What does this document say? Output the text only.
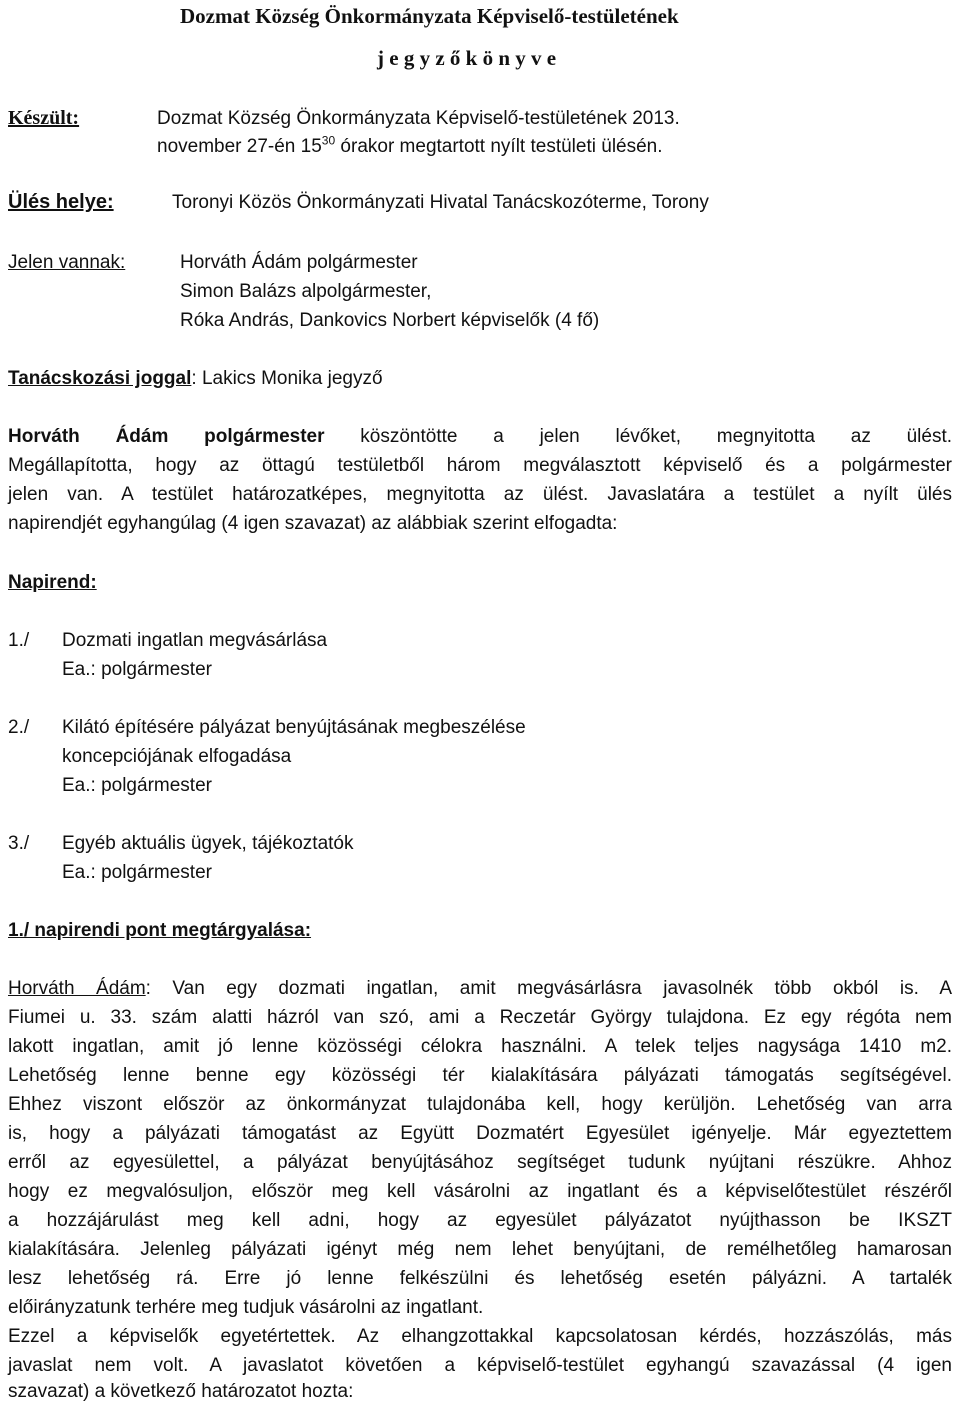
Dozmat Község Önkormányzata Képviselő-testületének
j e g y z ő k ö n y v e
Készült:	Dozmat Község Önkormányzata Képviselő-testületének 2013.
november 27-én $15^{30}$ órakor megtartott nyílt testületi ülésén.
Ülés helye:	Toronyi Közös Önkormányzati Hivatal Tanácskozóterme, Torony
Jelen vannak:	Horváth Ádám polgármester
Simon Balázs alpolgármester,
Róka András, Dankovics Norbert képviselők (4 fő)
Tanácskozási joggal: Lakics Monika jegyző
Horváth Ádám polgármester köszöntötte a jelen lévőket, megnyitotta az ülést.
Megállapította, hogy az öttagú testületből három megválasztott képviselő és a polgármester
jelen van. A testület határozatképes, megnyitotta az ülést. Javaslatára a testület a nyílt ülés
napirendjét egyhangúlag (4 igen szavazat) az alábbiak szerint elfogadta:
Napirend:
1./ Dozmati ingatlan megvásárlása
Ea.: polgármester
2./ Kilátó építésére pályázat benyújtásának megbeszélése
koncepciójának elfogadása
Ea.: polgármester
3./ Egyéb aktuális ügyek, tájékoztatók
Ea.: polgármester
1./ napirendi pont megtárgyalása:
Horváth Ádám: Van egy dozmati ingatlan, amit megvásárlásra javasolnék több okból is. A
Fiumei u. 33. szám alatti házról van szó, ami a Reczetár György tulajdona. Ez egy régóta nem
lakott ingatlan, amit jó lenne közösségi célokra használni. A telek teljes nagysága 1410 m2.
Lehetőség lenne benne egy közösségi tér kialakítására pályázati támogatás segítségével.
Ehhez viszont először az önkormányzat tulajdonába kell, hogy kerüljön. Lehetőség van arra
is, hogy a pályázati támogatást az Együtt Dozmatért Egyesület igényelje. Már egyeztettem
erről az egyesülettel, a pályázat benyújtásához segítséget tudunk nyújtani részükre. Ahhoz
hogy ez megvalósuljon, először meg kell vásárolni az ingatlant és a képviselőtestület részéről
a hozzájárulást meg kell adni, hogy az egyesület pályázatot nyújthasson be IKSZT
kialakítására. Jelenleg pályázati igényt még nem lehet benyújtani, de remélhetőleg hamarosan
lesz lehetőség rá. Erre jó lenne felkészülni és lehetőség esetén pályázni. A tartalék
előirányzatunk terhére meg tudjuk vásárolni az ingatlant.
Ezzel a képviselők egyetértettek. Az elhangzottakkal kapcsolatosan kérdés, hozzászólás, más
javaslat nem volt. A javaslatot követően a képviselő-testület egyhangú szavazással (4 igen
szavazat) a következő határozatot hozta:
